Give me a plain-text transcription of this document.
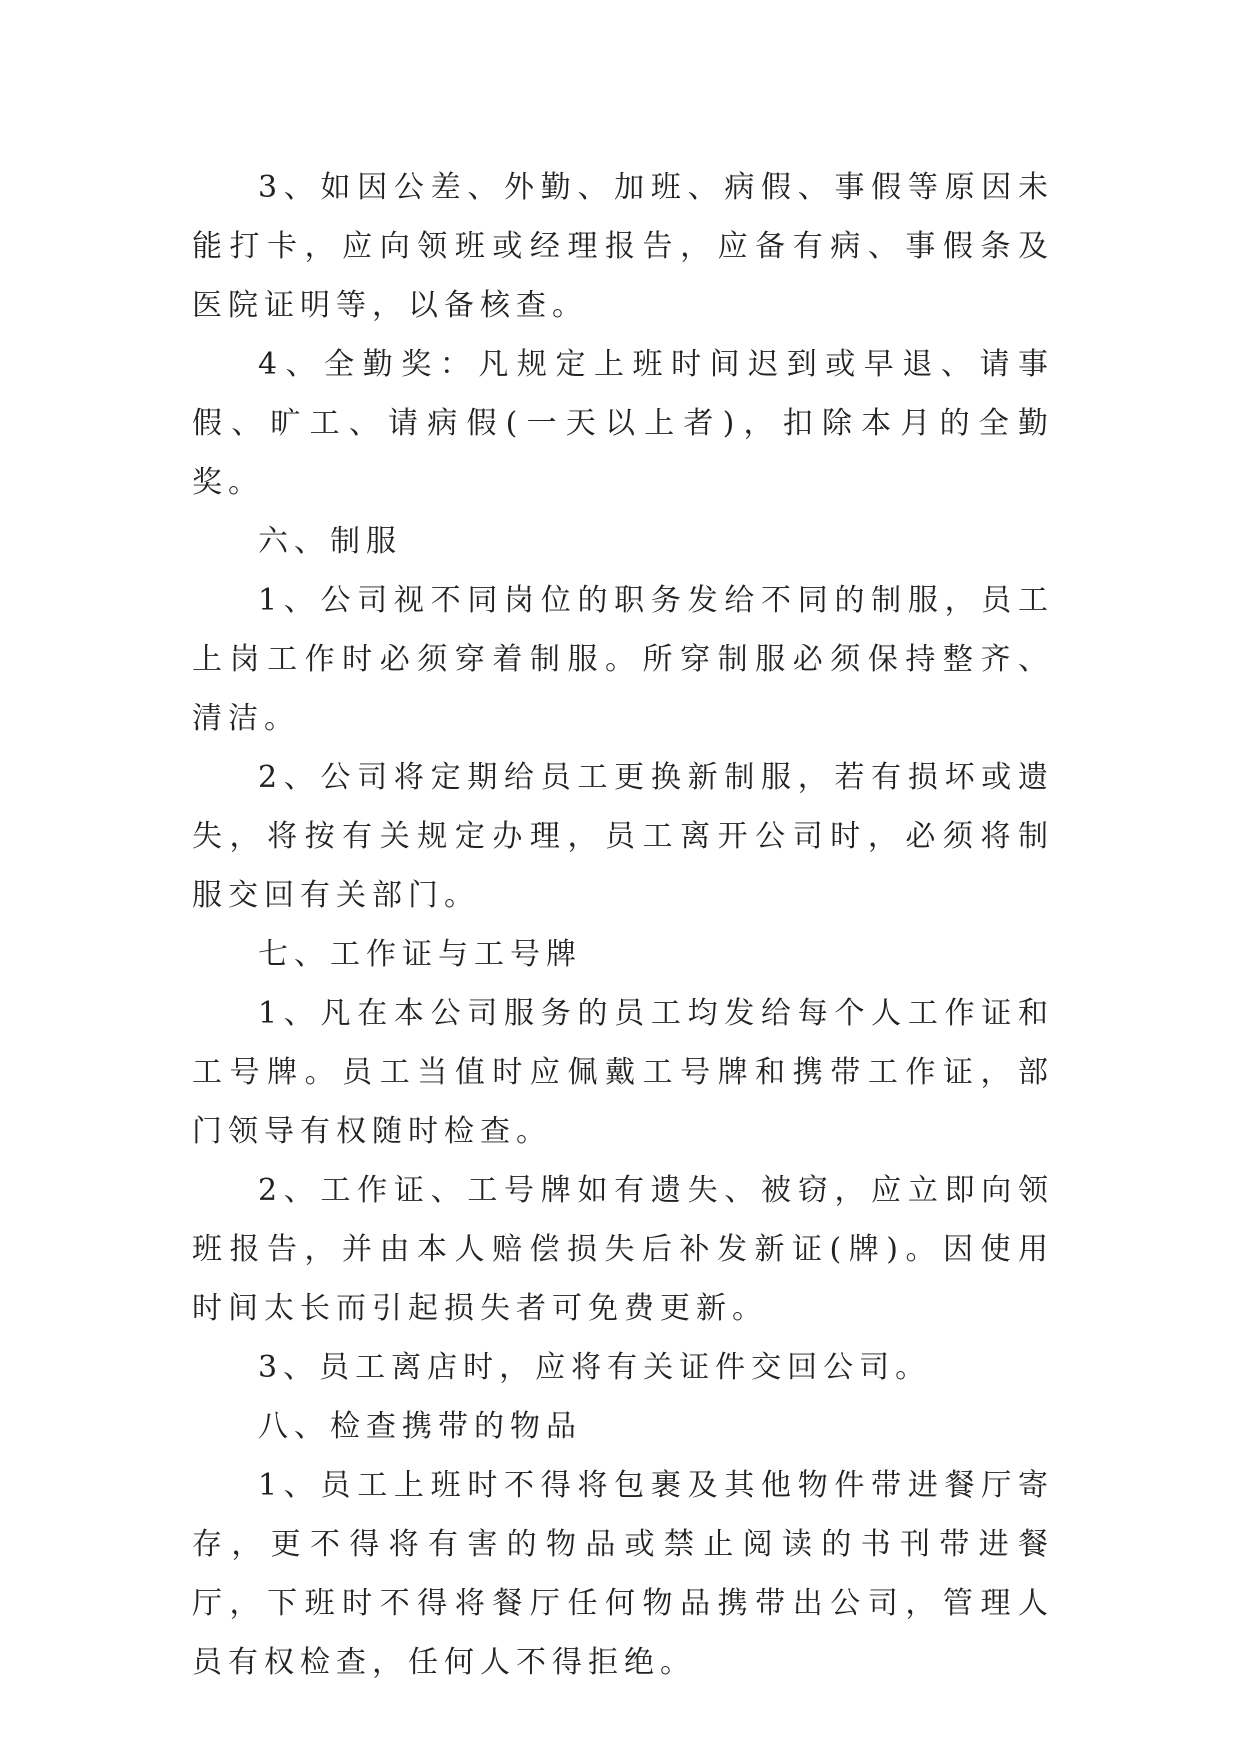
3、如因公差、外勤、加班、病假、事假等原因未能打卡，应向领班或经理报告，应备有病、事假条及医院证明等，以备核查。

4、全勤奖：凡规定上班时间迟到或早退、请事假、旷工、请病假(一天以上者)，扣除本月的全勤奖。

六、制服

1、公司视不同岗位的职务发给不同的制服，员工上岗工作时必须穿着制服。所穿制服必须保持整齐、清洁。

2、公司将定期给员工更换新制服，若有损坏或遗失，将按有关规定办理，员工离开公司时，必须将制服交回有关部门。

七、工作证与工号牌

1、凡在本公司服务的员工均发给每个人工作证和工号牌。员工当值时应佩戴工号牌和携带工作证，部门领导有权随时检查。

2、工作证、工号牌如有遗失、被窃，应立即向领班报告，并由本人赔偿损失后补发新证(牌)。因使用时间太长而引起损失者可免费更新。

3、员工离店时，应将有关证件交回公司。

八、检查携带的物品

1、员工上班时不得将包裹及其他物件带进餐厅寄存，更不得将有害的物品或禁止阅读的书刊带进餐厅，下班时不得将餐厅任何物品携带出公司，管理人员有权检查，任何人不得拒绝。
